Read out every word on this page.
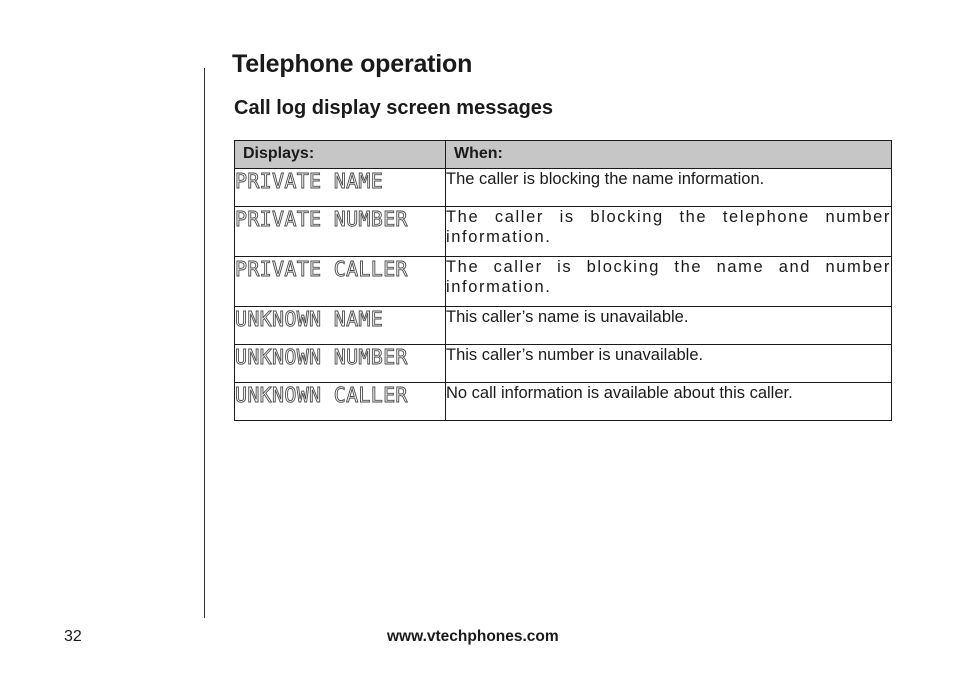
Telephone operation
Call log display screen messages
Displays:	When:
PRIVATE NAME	The caller is blocking the name information.
PRIVATE NUMBER	The caller is blocking the telephone number information.
PRIVATE CALLER	The caller is blocking the name and number information.
UNKNOWN NAME	This caller’s name is unavailable.
UNKNOWN NUMBER	This caller’s number is unavailable.
UNKNOWN CALLER	No call information is available about this caller.
32	www.vtechphones.com
